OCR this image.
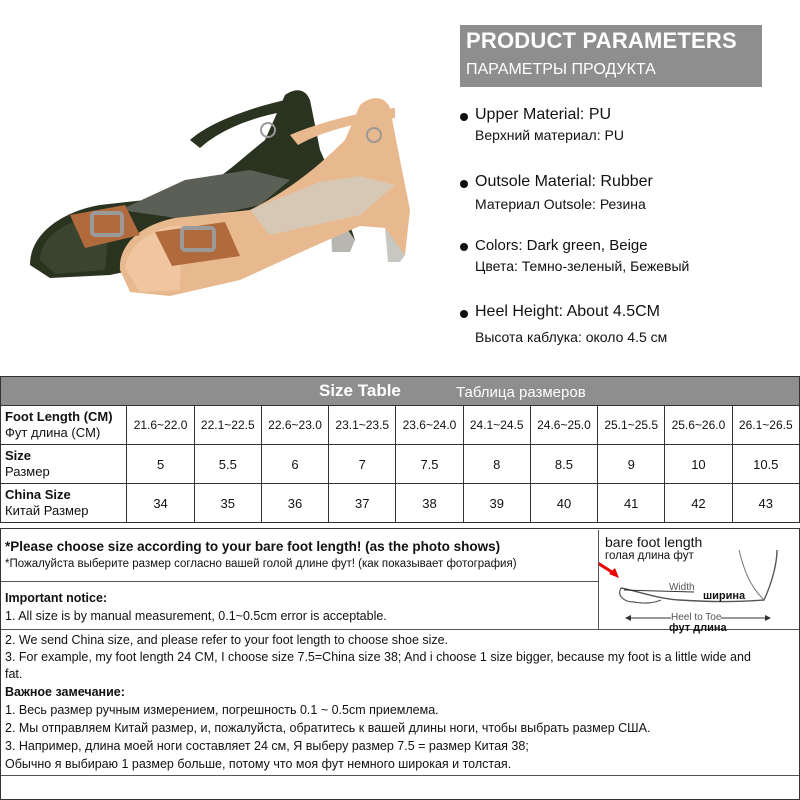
PRODUCT PARAMETERS
ПАРАМЕТРЫ ПРОДУКТА
Upper Material: PU
Верхний материал: PU
Outsole Material: Rubber
Материал Outsole: Резина
Colors: Dark green, Beige
Цвета: Темно-зеленый, Бежевый
Heel Height: About 4.5CM
Высота каблука: около 4.5 см
Size Table Таблица размеров										

Foot Length (CM)
Фут длина (CM)	21.6~22.0	22.1~22.5	22.6~23.0	23.1~23.5	23.6~24.0	24.1~24.5	24.6~25.0	25.1~25.5	25.6~26.0	26.1~26.5
Size
Размер	5	5.5	6	7	7.5	8	8.5	9	10	10.5
China Size
Китай Размер	34	35	36	37	38	39	40	41	42	43
*Please choose size according to your bare foot length! (as the photo shows)
*Пожалуйста выберите размер согласно вашей голой длине фут! (как показывает фотография)
Important notice:
1. All size is by manual measurement, 0.1~0.5cm error is acceptable.
2. We send China size, and please refer to your foot length to choose shoe size.
3. For example, my foot length 24 CM, I choose size 7.5=China size 38; And i choose 1 size bigger, because my foot is a little wide and
fat.
Важное замечание:
1. Весь размер ручным измерением, погрешность 0.1 ~ 0.5cm приемлема.
2. Мы отправляем Китай размер, и, пожалуйста, обратитесь к вашей длины ноги, чтобы выбрать размер США.
3. Например, длина моей ноги составляет 24 см, Я выберу размер 7.5 = размер Китая 38;
Обычно я выбираю 1 размер больше, потому что моя фут немного широкая и толстая.
bare foot length
голая длина фут
Width
ширина
Heel to Toe
фут длина
